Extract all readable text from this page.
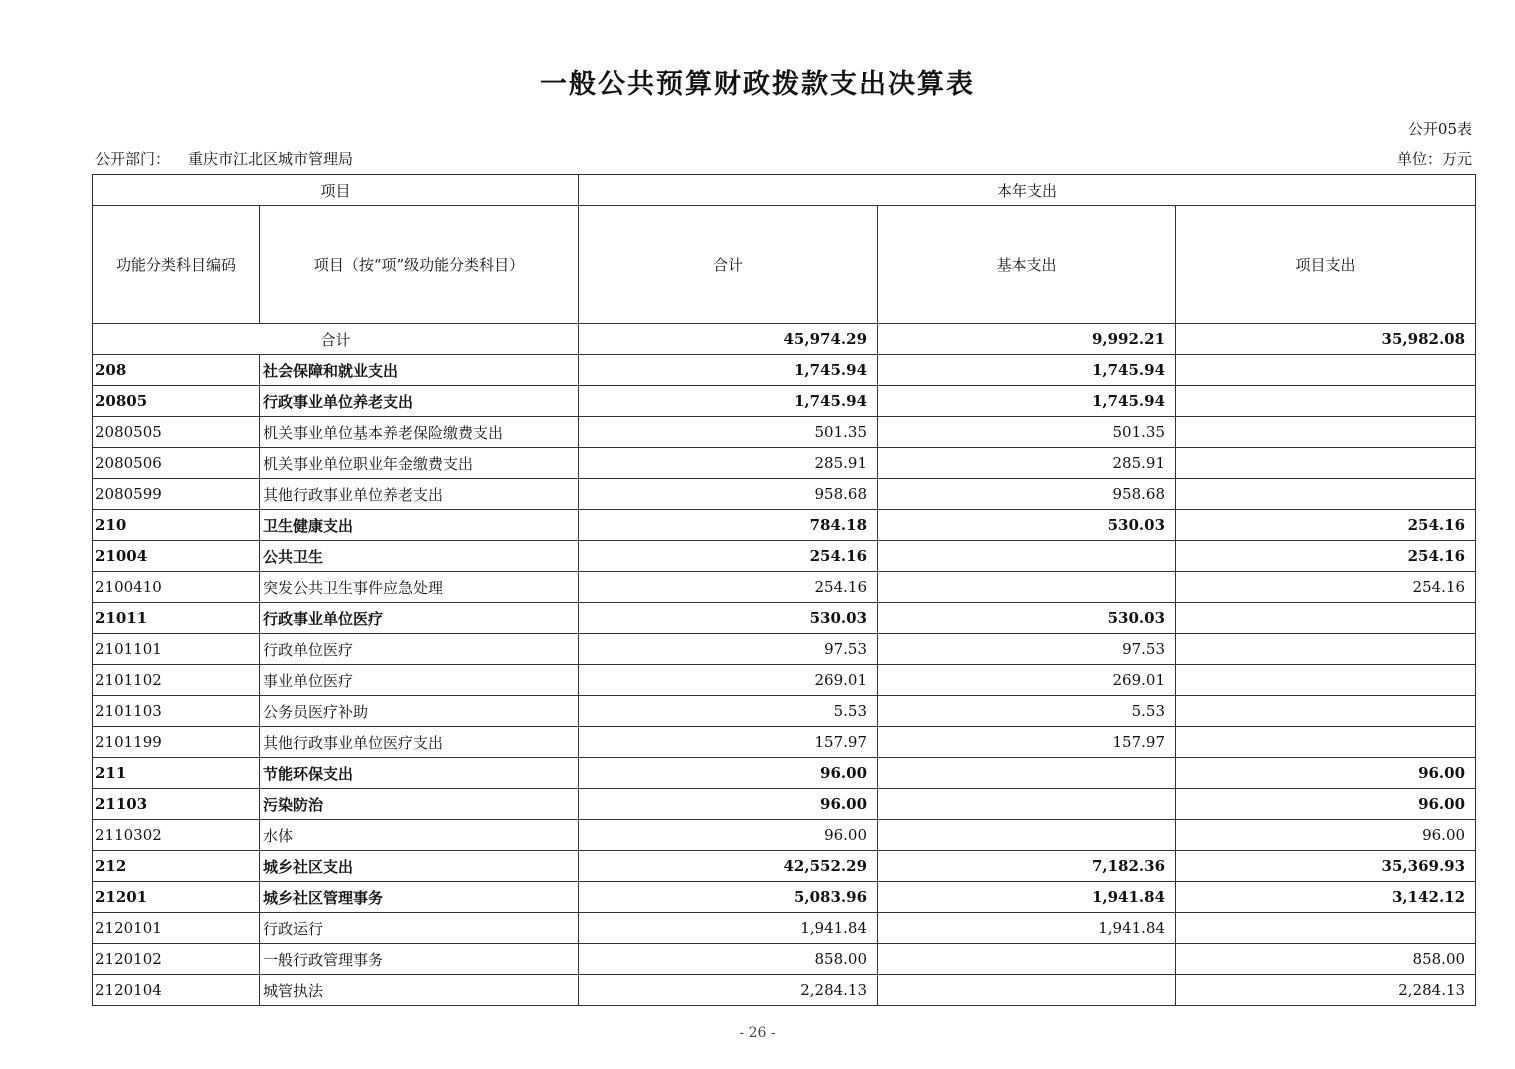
一般公共预算财政拨款支出决算表
公开05表
公开部门： 重庆市江北区城市管理局	单位：万元
项目		本年支出		
功能分类科目编码	项目（按“项”级功能分类科目）	合计	基本支出	项目支出
合计		45,974.29	9,992.21	35,982.08
208	社会保障和就业支出	1,745.94	1,745.94	
20805	行政事业单位养老支出	1,745.94	1,745.94	
2080505	机关事业单位基本养老保险缴费支出	501.35	501.35	
2080506	机关事业单位职业年金缴费支出	285.91	285.91	
2080599	其他行政事业单位养老支出	958.68	958.68	
210	卫生健康支出	784.18	530.03	254.16
21004	公共卫生	254.16		254.16
2100410	突发公共卫生事件应急处理	254.16		254.16
21011	行政事业单位医疗	530.03	530.03	
2101101	行政单位医疗	97.53	97.53	
2101102	事业单位医疗	269.01	269.01	
2101103	公务员医疗补助	5.53	5.53	
2101199	其他行政事业单位医疗支出	157.97	157.97	
211	节能环保支出	96.00		96.00
21103	污染防治	96.00		96.00
2110302	水体	96.00		96.00
212	城乡社区支出	42,552.29	7,182.36	35,369.93
21201	城乡社区管理事务	5,083.96	1,941.84	3,142.12
2120101	行政运行	1,941.84	1,941.84	
2120102	一般行政管理事务	858.00		858.00
2120104	城管执法	2,284.13		2,284.13
- 26 -
